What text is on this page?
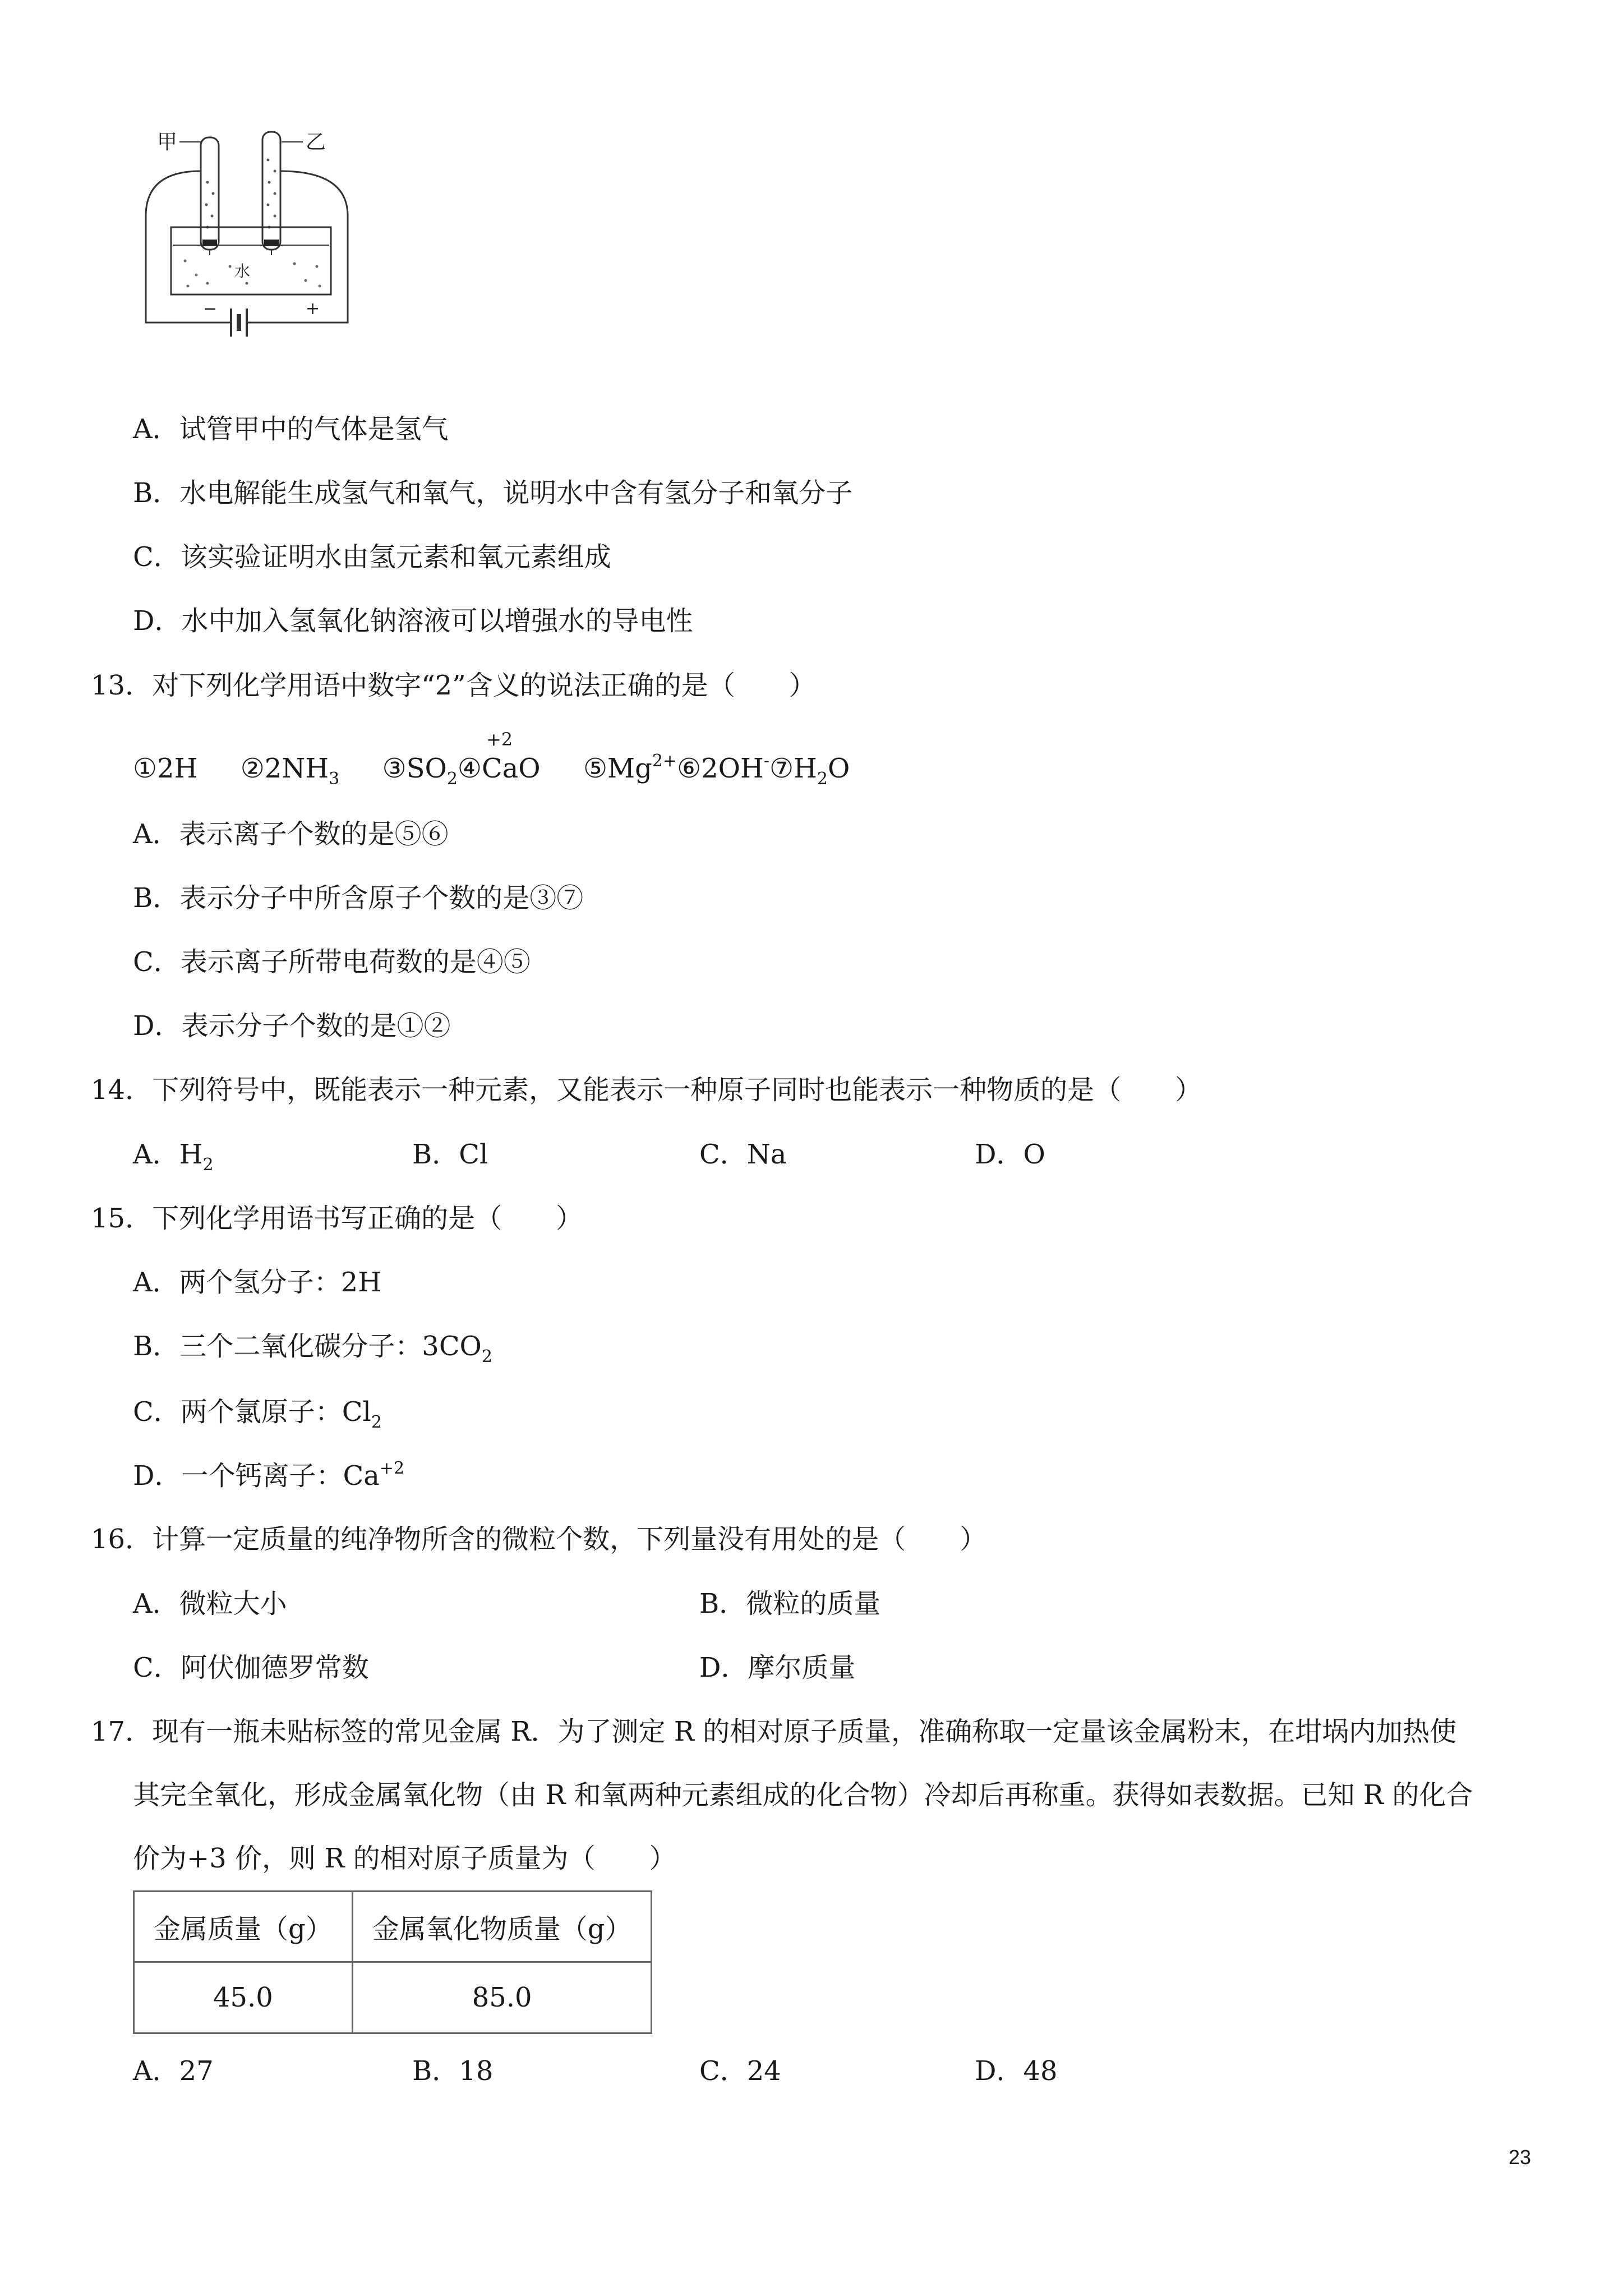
甲	乙
水
−	+
A．试管甲中的气体是氢气
B．水电解能生成氢气和氧气，说明水中含有氢分子和氧分子
C．该实验证明水由氢元素和氧元素组成
D．水中加入氢氧化钠溶液可以增强水的导电性
13．对下列化学用语中数字“2”含义的说法正确的是（　　）
①2H $②2NH_3$ $③SO_2④$
+2
CaO $⑤Mg^{2+}⑥2OH^-⑦H_2O$
A．表示离子个数的是⑤⑥
B．表示分子中所含原子个数的是③⑦
C．表示离子所带电荷数的是④⑤
D．表示分子个数的是①②
14．下列符号中，既能表示一种元素，又能表示一种原子同时也能表示一种物质的是（　　）
A．$H_2$	B．Cl	C．Na	D．O
15．下列化学用语书写正确的是（　　）
A．两个氢分子：2H
B．三个二氧化碳分子：$3CO_2$
C．两个氯原子：$Cl_2$
D．一个钙离子：$Ca^{+2}$
16．计算一定质量的纯净物所含的微粒个数，下列量没有用处的是（　　）
A．微粒大小	B．微粒的质量
C．阿伏伽德罗常数	D．摩尔质量
17．现有一瓶未贴标签的常见金属 R．为了测定 R 的相对原子质量，准确称取一定量该金属粉末，在坩埚内加热使
其完全氧化，形成金属氧化物（由 R 和氧两种元素组成的化合物）冷却后再称重。获得如表数据。已知 R 的化合
价为+3 价，则 R 的相对原子质量为（　　）
金属质量（g）	金属氧化物质量（g）
45.0	85.0
A．27	B．18	C．24	D．48
23
